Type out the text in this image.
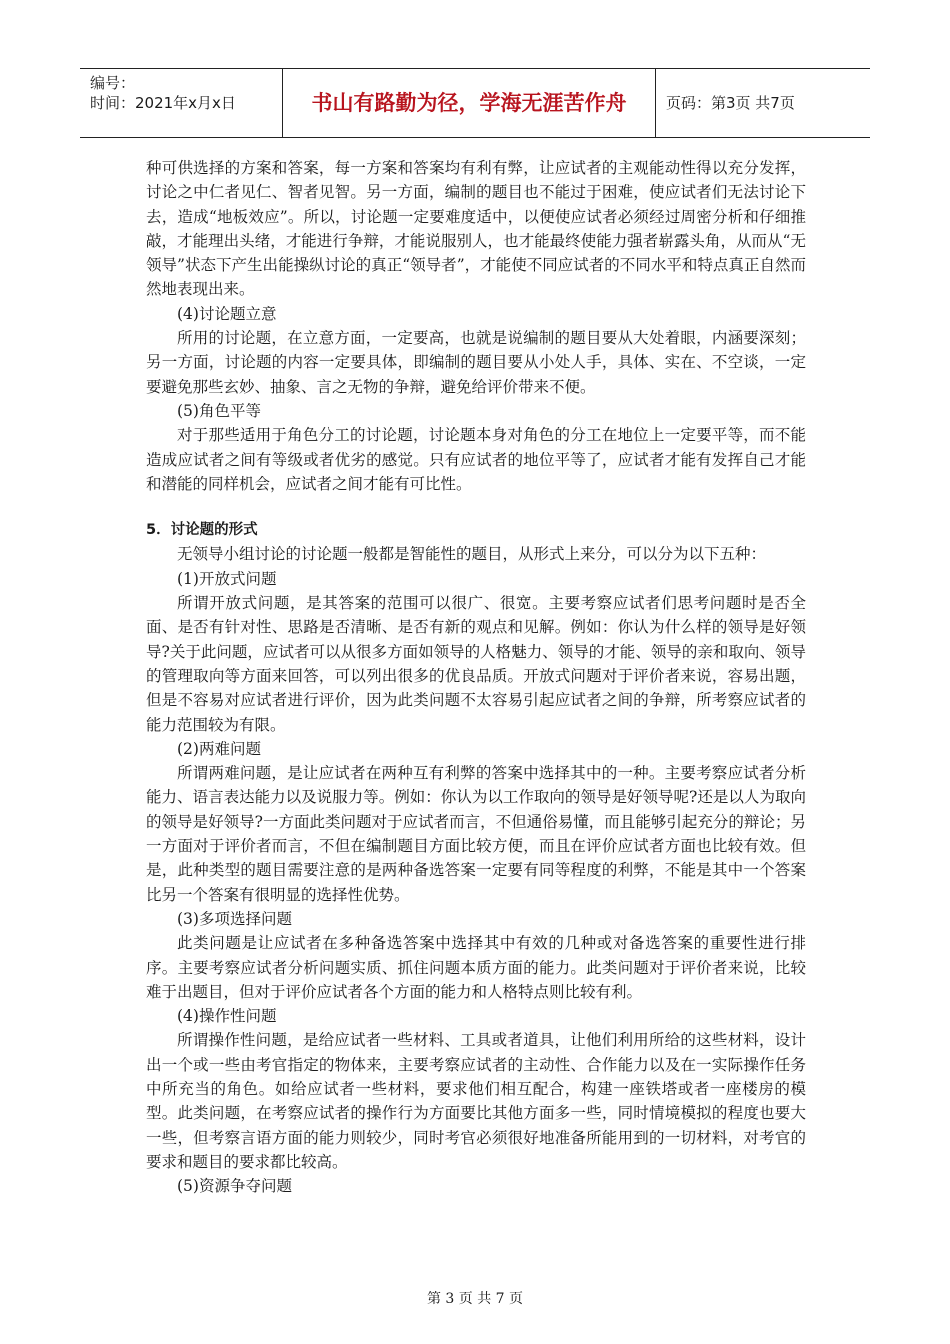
编号：
时间：2021年x月x日	书山有路勤为径，学海无涯苦作舟	页码：第3页 共7页

种可供选择的方案和答案，每一方案和答案均有利有弊，让应试者的主观能动性得以充分发挥，讨论之中仁者见仁、智者见智。另一方面，编制的题目也不能过于困难，使应试者们无法讨论下去，造成“地板效应”。所以，讨论题一定要难度适中，以便使应试者必须经过周密分析和仔细推敲，才能理出头绪，才能进行争辩，才能说服别人，也才能最终使能力强者崭露头角，从而从“无领导”状态下产生出能操纵讨论的真正“领导者”，才能使不同应试者的不同水平和特点真正自然而然地表现出来。

(4)讨论题立意

所用的讨论题，在立意方面，一定要高，也就是说编制的题目要从大处着眼，内涵要深刻；另一方面，讨论题的内容一定要具体，即编制的题目要从小处人手，具体、实在、不空谈，一定要避免那些玄妙、抽象、言之无物的争辩，避免给评价带来不便。

(5)角色平等

对于那些适用于角色分工的讨论题，讨论题本身对角色的分工在地位上一定要平等，而不能造成应试者之间有等级或者优劣的感觉。只有应试者的地位平等了，应试者才能有发挥自己才能和潜能的同样机会，应试者之间才能有可比性。

5．讨论题的形式

无领导小组讨论的讨论题一般都是智能性的题目，从形式上来分，可以分为以下五种：

(1)开放式问题

所谓开放式问题，是其答案的范围可以很广、很宽。主要考察应试者们思考问题时是否全面、是否有针对性、思路是否清晰、是否有新的观点和见解。例如：你认为什么样的领导是好领导?关于此问题，应试者可以从很多方面如领导的人格魅力、领导的才能、领导的亲和取向、领导的管理取向等方面来回答，可以列出很多的优良品质。开放式问题对于评价者来说，容易出题，但是不容易对应试者进行评价，因为此类问题不太容易引起应试者之间的争辩，所考察应试者的能力范围较为有限。

(2)两难问题

所谓两难问题，是让应试者在两种互有利弊的答案中选择其中的一种。主要考察应试者分析能力、语言表达能力以及说服力等。例如：你认为以工作取向的领导是好领导呢?还是以人为取向的领导是好领导?一方面此类问题对于应试者而言，不但通俗易懂，而且能够引起充分的辩论；另一方面对于评价者而言，不但在编制题目方面比较方便，而且在评价应试者方面也比较有效。但是，此种类型的题目需要注意的是两种备选答案一定要有同等程度的利弊，不能是其中一个答案比另一个答案有很明显的选择性优势。

(3)多项选择问题

此类问题是让应试者在多种备选答案中选择其中有效的几种或对备选答案的重要性进行排序。主要考察应试者分析问题实质、抓住问题本质方面的能力。此类问题对于评价者来说，比较难于出题目，但对于评价应试者各个方面的能力和人格特点则比较有利。

(4)操作性问题

所谓操作性问题，是给应试者一些材料、工具或者道具，让他们利用所给的这些材料，设计出一个或一些由考官指定的物体来，主要考察应试者的主动性、合作能力以及在一实际操作任务中所充当的角色。如给应试者一些材料，要求他们相互配合，构建一座铁塔或者一座楼房的模型。此类问题，在考察应试者的操作行为方面要比其他方面多一些，同时情境模拟的程度也要大一些，但考察言语方面的能力则较少，同时考官必须很好地准备所能用到的一切材料，对考官的要求和题目的要求都比较高。

(5)资源争夺问题

第 3 页 共 7 页
